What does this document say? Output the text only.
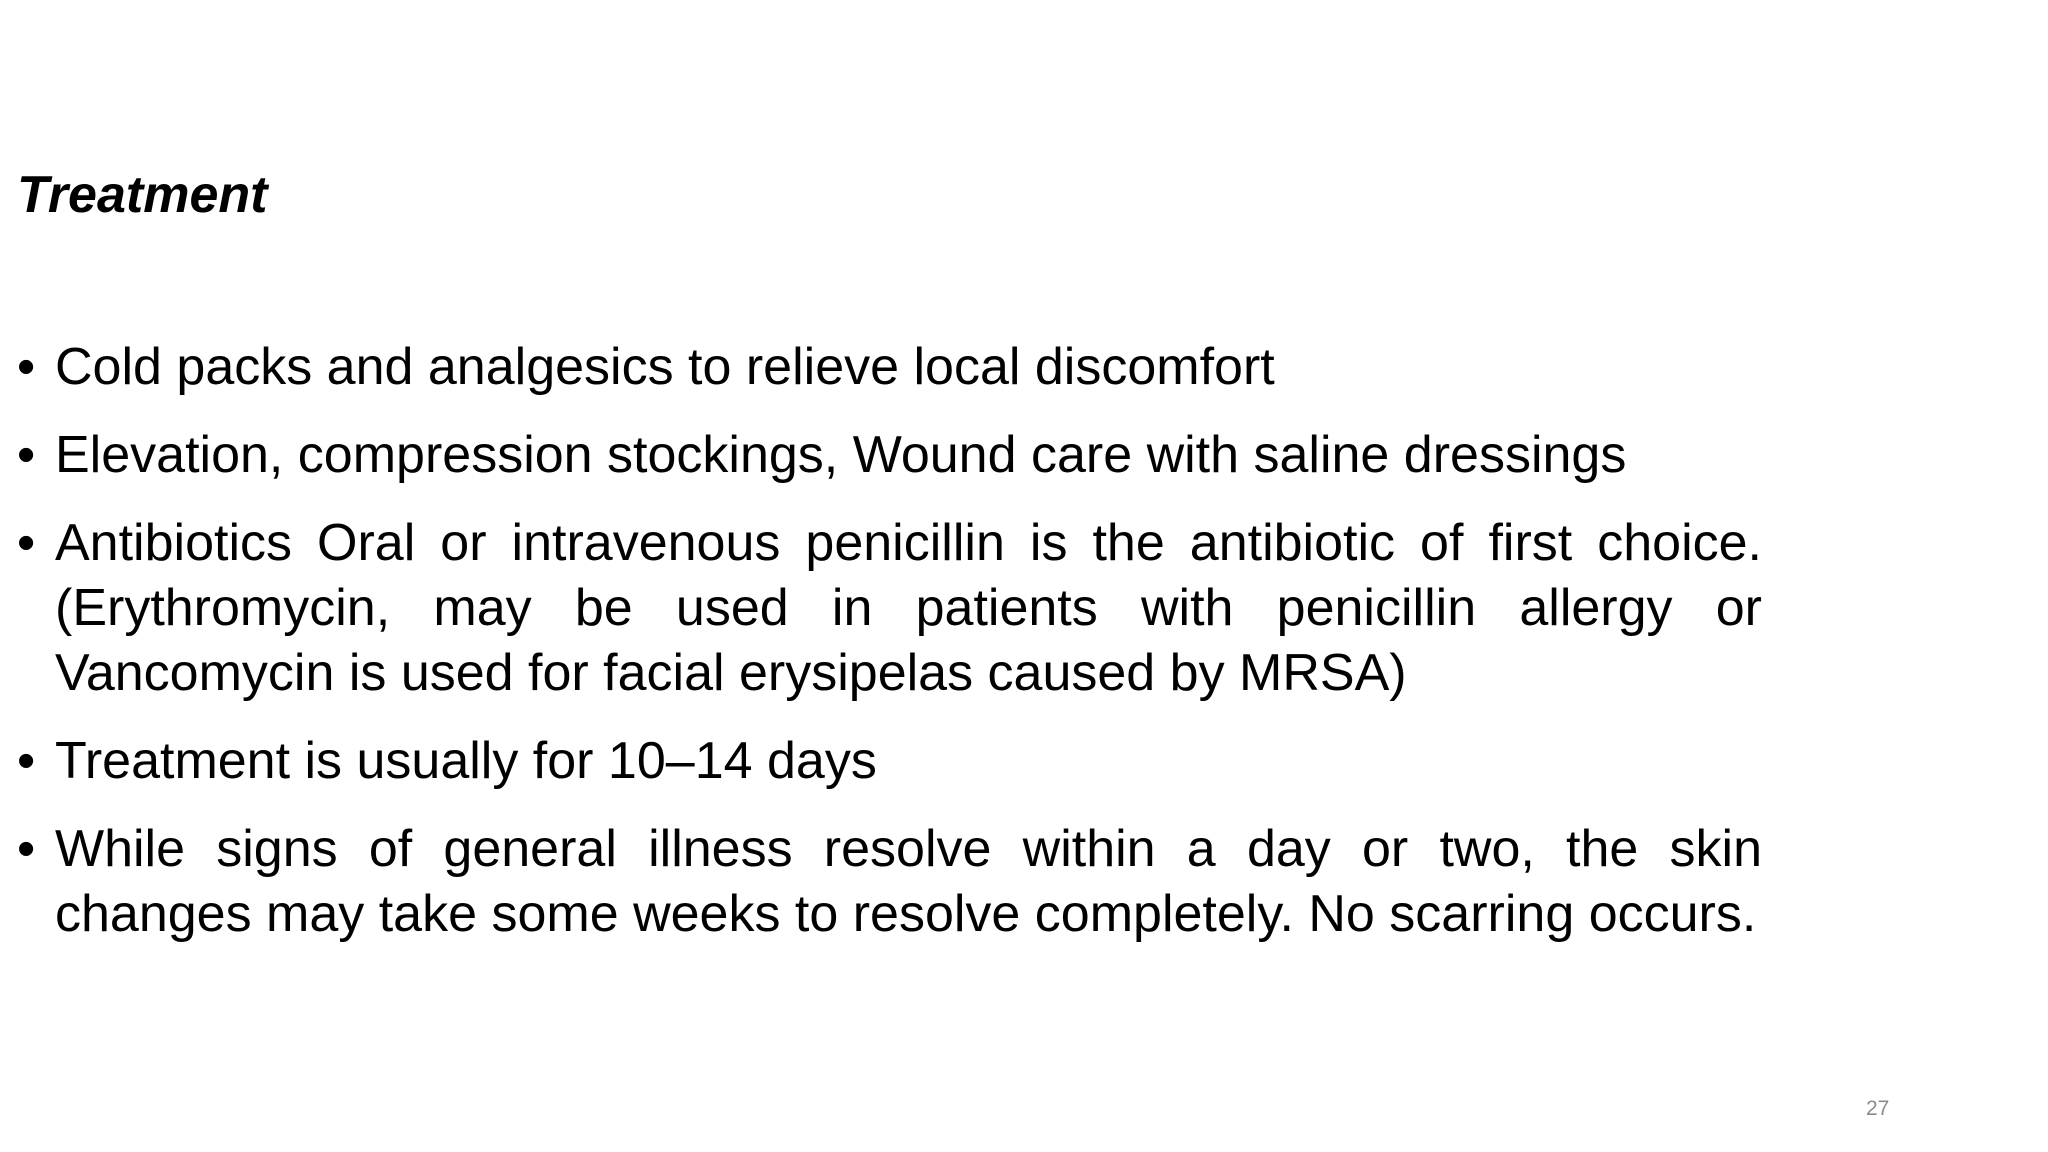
Treatment
• Cold packs and analgesics to relieve local discomfort
• Elevation, compression stockings, Wound care with saline dressings
• Antibiotics Oral or intravenous penicillin is the antibiotic of first choice. (Erythromycin, may be used in patients with penicillin allergy or Vancomycin is used for facial erysipelas caused by MRSA)
• Treatment is usually for 10–14 days
• While signs of general illness resolve within a day or two, the skin changes may take some weeks to resolve completely. No scarring occurs.
27
